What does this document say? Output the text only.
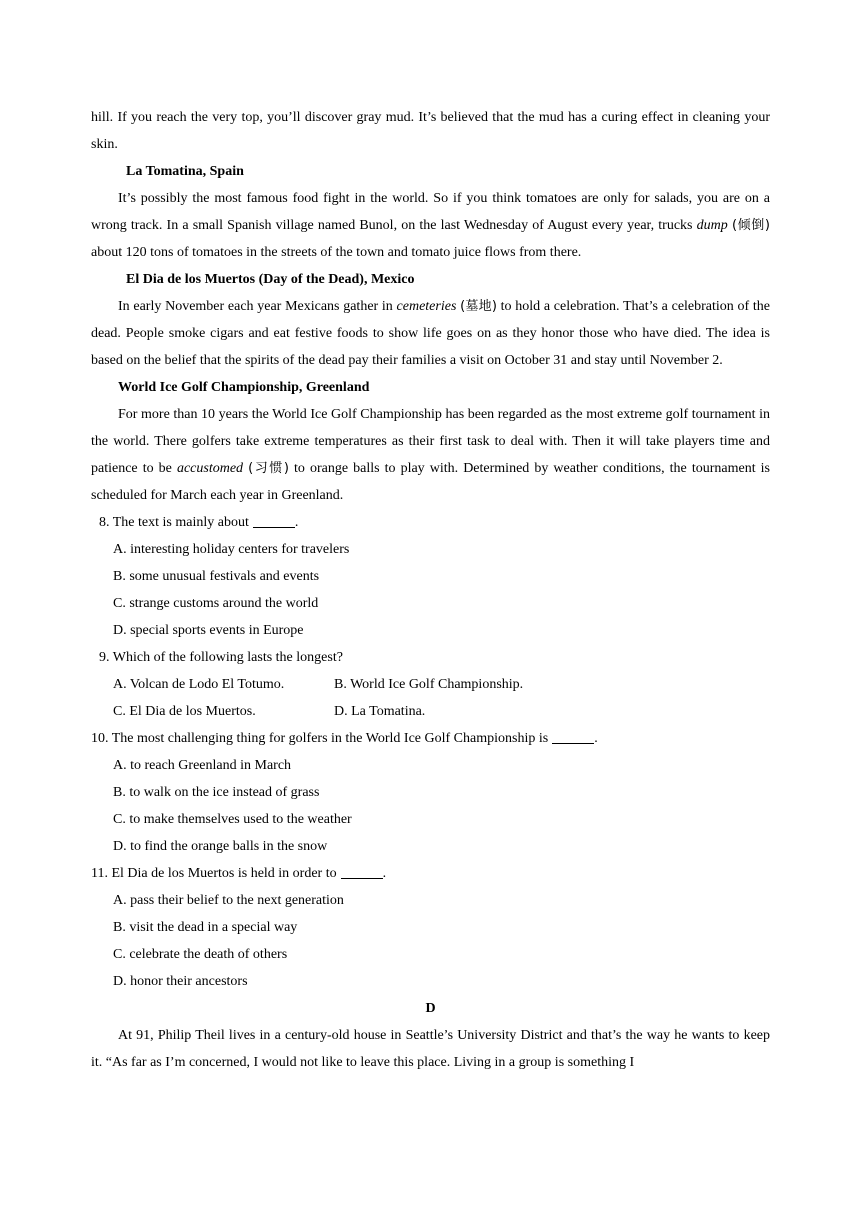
hill. If you reach the very top, you’ll discover gray mud. It’s believed that the mud has a curing effect in cleaning your skin.

La Tomatina, Spain

It’s possibly the most famous food fight in the world. So if you think tomatoes are only for salads, you are on a wrong track. In a small Spanish village named Bunol, on the last Wednesday of August every year, trucks dump (倾倒) about 120 tons of tomatoes in the streets of the town and tomato juice flows from there.

El Dia de los Muertos (Day of the Dead), Mexico

In early November each year Mexicans gather in cemeteries (墓地) to hold a celebration. That’s a celebration of the dead. People smoke cigars and eat festive foods to show life goes on as they honor those who have died. The idea is based on the belief that the spirits of the dead pay their families a visit on October 31 and stay until November 2.

World Ice Golf Championship, Greenland

For more than 10 years the World Ice Golf Championship has been regarded as the most extreme golf tournament in the world. There golfers take extreme temperatures as their first task to deal with. Then it will take players time and patience to be accustomed (习惯) to orange balls to play with. Determined by weather conditions, the tournament is scheduled for March each year in Greenland.

8. The text is mainly about	.

A. interesting holiday centers for travelers

B. some unusual festivals and events

C. strange customs around the world

D. special sports events in Europe

9. Which of the following lasts the longest?

A. Volcan de Lodo El Totumo.	B. World Ice Golf Championship.

C. El Dia de los Muertos.	D. La Tomatina.

10. The most challenging thing for golfers in the World Ice Golf Championship is	.

A. to reach Greenland in March

B. to walk on the ice instead of grass

C. to make themselves used to the weather

D. to find the orange balls in the snow

11. El Dia de los Muertos is held in order to	.

A. pass their belief to the next generation

B. visit the dead in a special way

C. celebrate the death of others

D. honor their ancestors

D

At 91, Philip Theil lives in a century-old house in Seattle’s University District and that’s the way he wants to keep it. “As far as I’m concerned, I would not like to leave this place. Living in a group is something I
